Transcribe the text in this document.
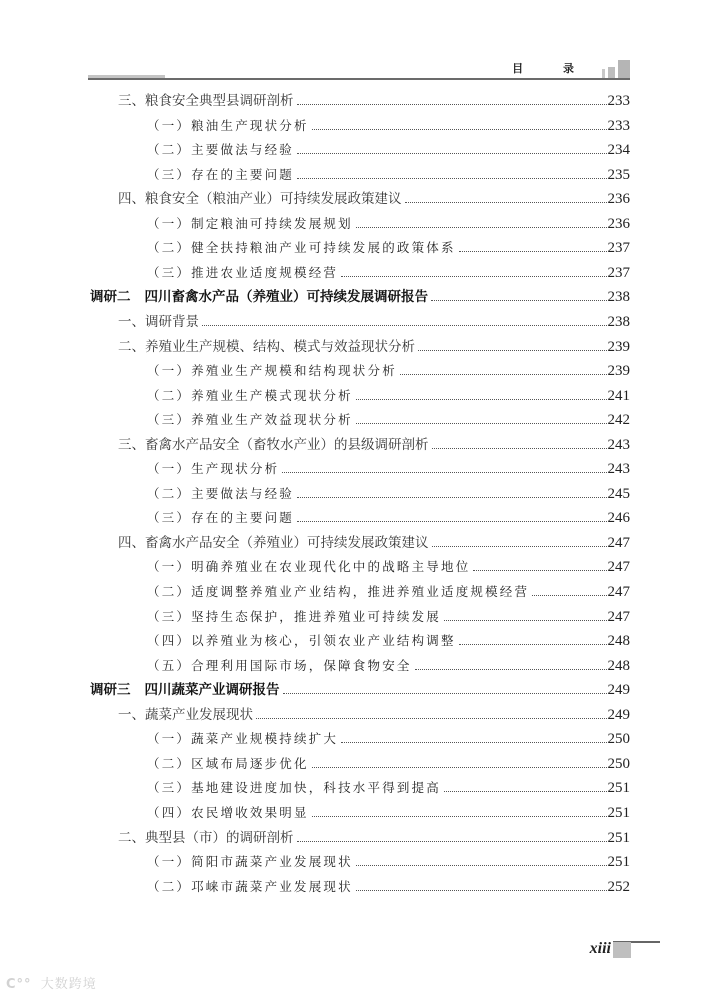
目 录
三、粮食安全典型县调研剖析	233
（一）粮油生产现状分析	233
（二）主要做法与经验	234
（三）存在的主要问题	235
四、粮食安全（粮油产业）可持续发展政策建议	236
（一）制定粮油可持续发展规划	236
（二）健全扶持粮油产业可持续发展的政策体系	237
（三）推进农业适度规模经营	237
调研二 四川畜禽水产品（养殖业）可持续发展调研报告	238
一、调研背景	238
二、养殖业生产规模、结构、模式与效益现状分析	239
（一）养殖业生产规模和结构现状分析	239
（二）养殖业生产模式现状分析	241
（三）养殖业生产效益现状分析	242
三、畜禽水产品安全（畜牧水产业）的县级调研剖析	243
（一）生产现状分析	243
（二）主要做法与经验	245
（三）存在的主要问题	246
四、畜禽水产品安全（养殖业）可持续发展政策建议	247
（一）明确养殖业在农业现代化中的战略主导地位	247
（二）适度调整养殖业产业结构，推进养殖业适度规模经营	247
（三）坚持生态保护，推进养殖业可持续发展	247
（四）以养殖业为核心，引领农业产业结构调整	248
（五）合理利用国际市场，保障食物安全	248
调研三 四川蔬菜产业调研报告	249
一、蔬菜产业发展现状	249
（一）蔬菜产业规模持续扩大	250
（二）区域布局逐步优化	250
（三）基地建设进度加快，科技水平得到提高	251
（四）农民增收效果明显	251
二、典型县（市）的调研剖析	251
（一）简阳市蔬菜产业发展现状	251
（二）邛崃市蔬菜产业发展现状	252
xiii
C°° 大数跨境
